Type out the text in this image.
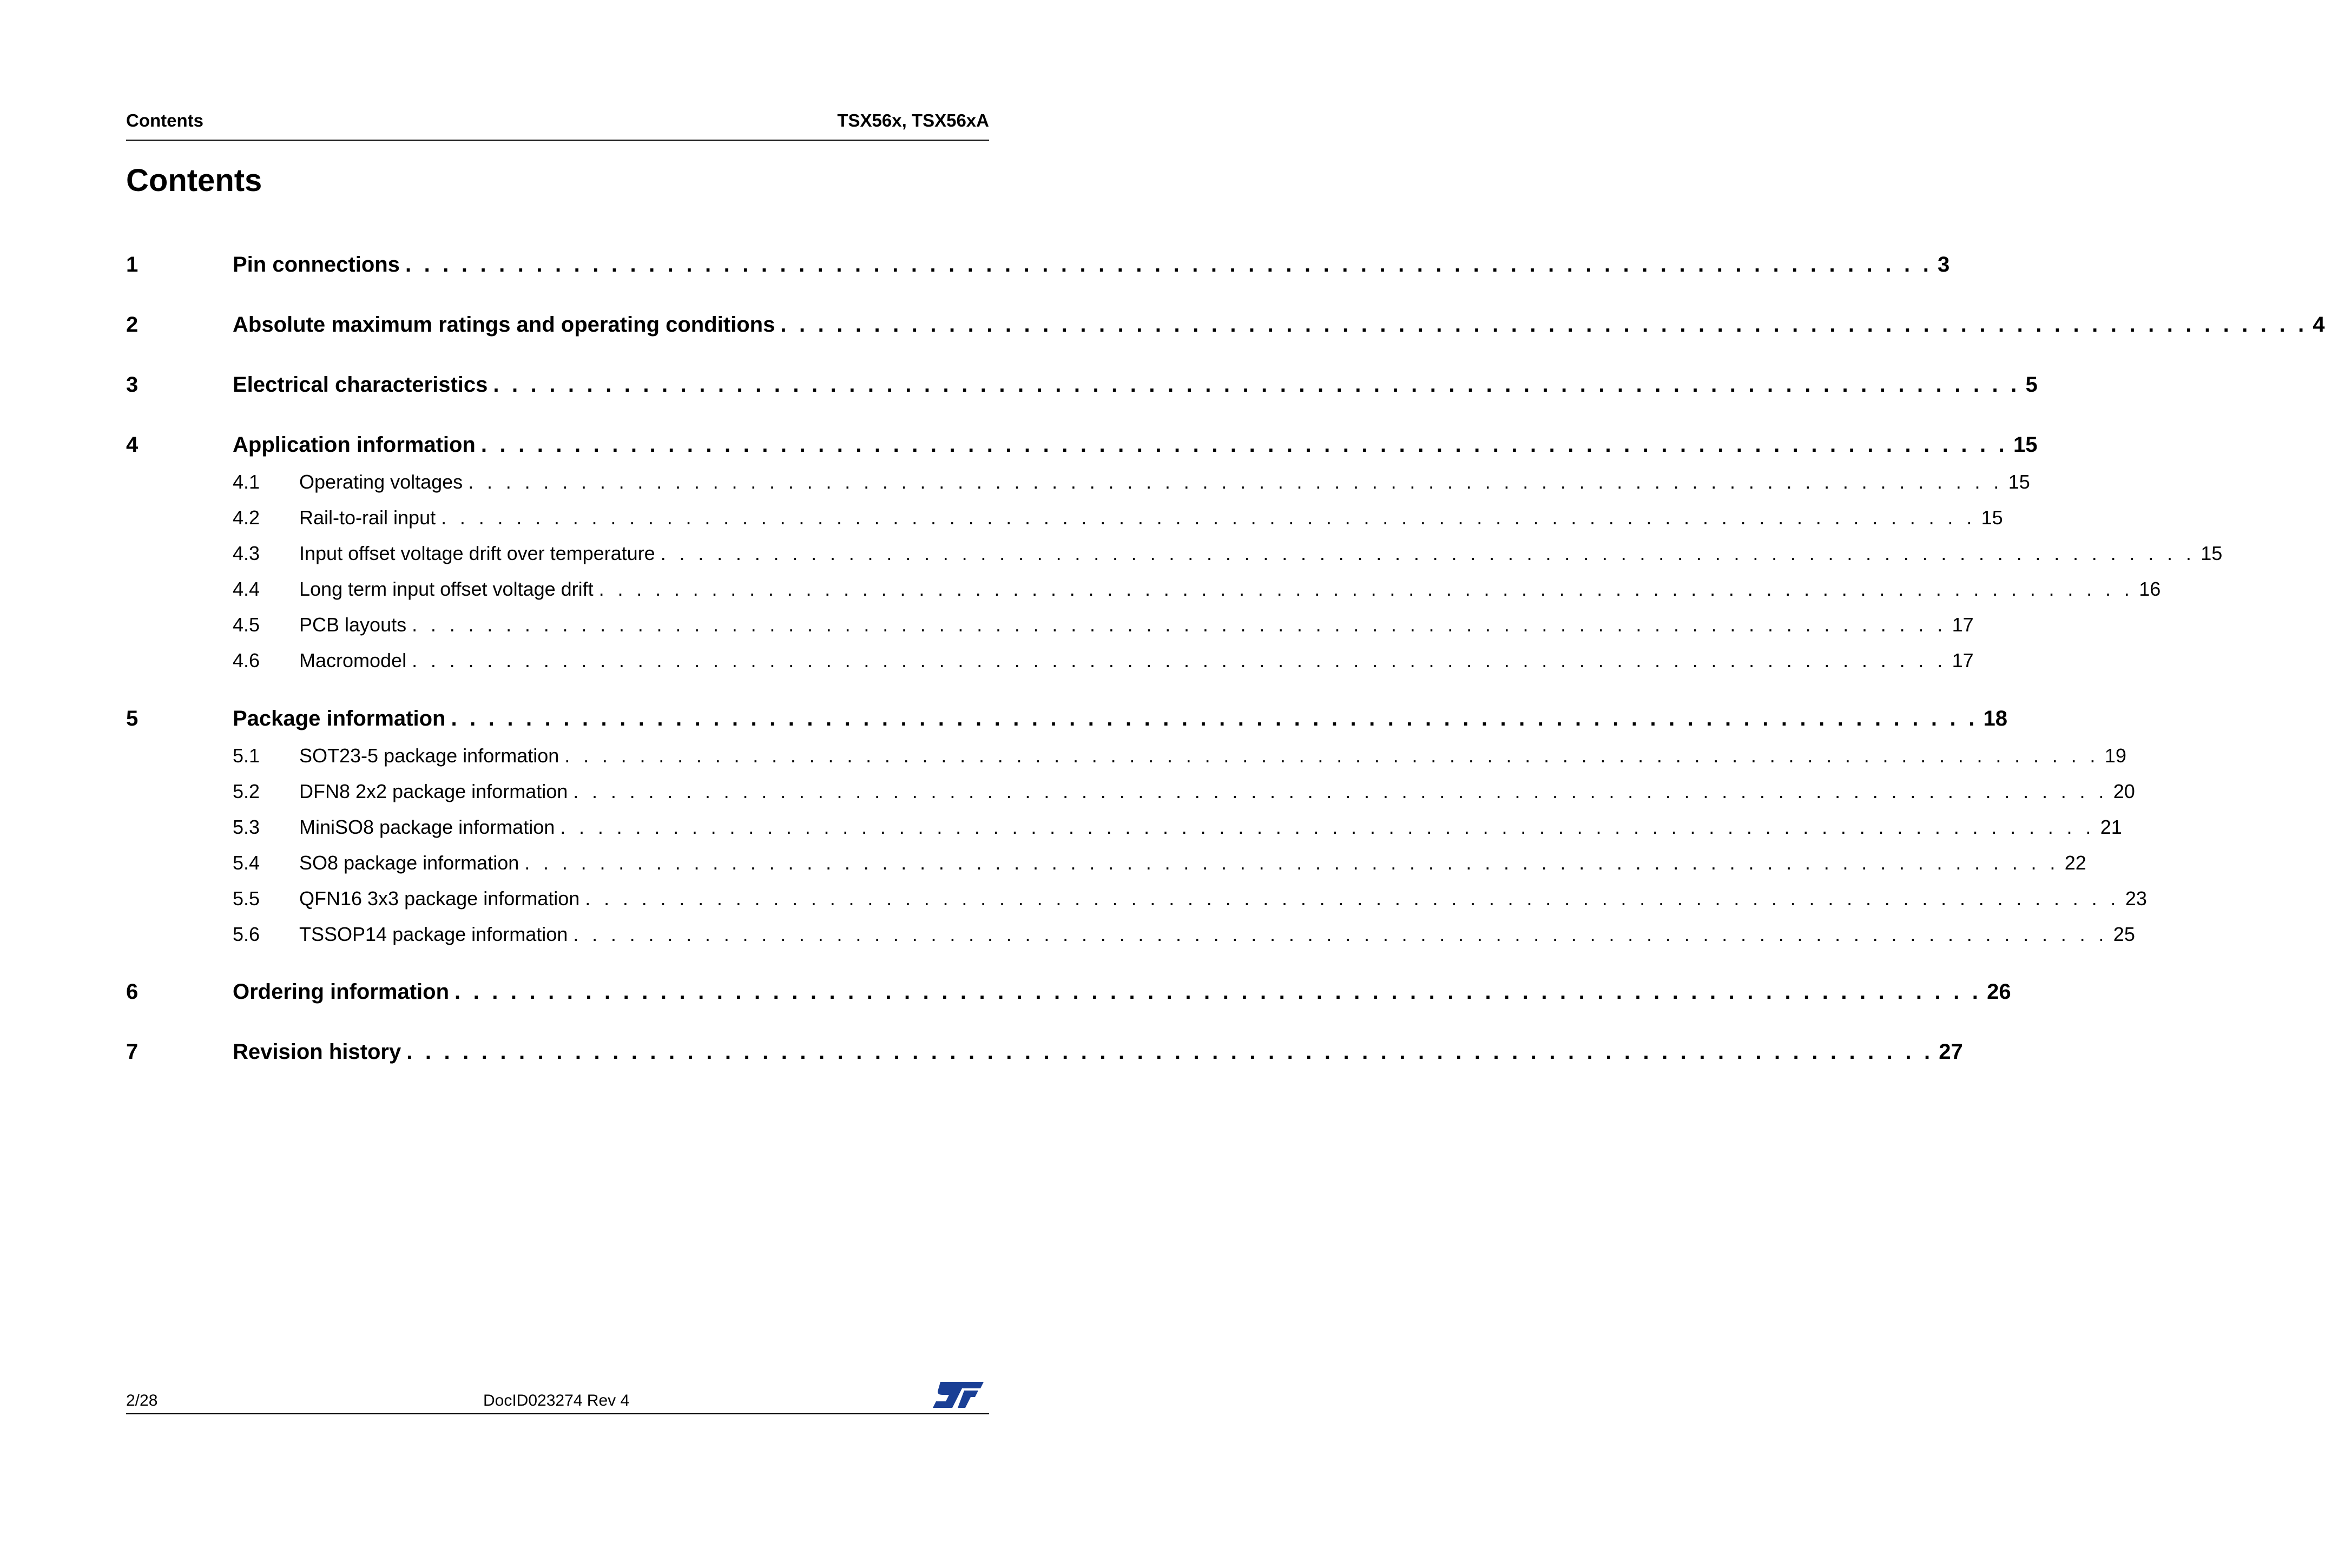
Contents	TSX56x, TSX56xA
Contents
1	Pin connections . . . . . . . . . . . . . . . . . . . . . . . . . . . . . . . . . . . . . . . . . . . . . . . . . . . . . . . . . . . . . . . . . . . . . . . . . . . . . . . . . . 3
2	Absolute maximum ratings and operating conditions . . . . . . . . . . . . . . . . . . . . . . . . . . . . . . . . . . . . . . . . . . . . . . . . . . . . . . . . . . . . . . . . . . . . . . . . . . . . . . . . . . 4
3	Electrical characteristics . . . . . . . . . . . . . . . . . . . . . . . . . . . . . . . . . . . . . . . . . . . . . . . . . . . . . . . . . . . . . . . . . . . . . . . . . . . . . . . . . . 5
4	Application information . . . . . . . . . . . . . . . . . . . . . . . . . . . . . . . . . . . . . . . . . . . . . . . . . . . . . . . . . . . . . . . . . . . . . . . . . . . . . . . . . . 15
4.1	Operating voltages . . . . . . . . . . . . . . . . . . . . . . . . . . . . . . . . . . . . . . . . . . . . . . . . . . . . . . . . . . . . . . . . . . . . . . . . . . . . . . . . . . 15
4.2	Rail-to-rail input . . . . . . . . . . . . . . . . . . . . . . . . . . . . . . . . . . . . . . . . . . . . . . . . . . . . . . . . . . . . . . . . . . . . . . . . . . . . . . . . . . 15
4.3	Input offset voltage drift over temperature . . . . . . . . . . . . . . . . . . . . . . . . . . . . . . . . . . . . . . . . . . . . . . . . . . . . . . . . . . . . . . . . . . . . . . . . . . . . . . . . . . 15
4.4	Long term input offset voltage drift . . . . . . . . . . . . . . . . . . . . . . . . . . . . . . . . . . . . . . . . . . . . . . . . . . . . . . . . . . . . . . . . . . . . . . . . . . . . . . . . . . 16
4.5	PCB layouts . . . . . . . . . . . . . . . . . . . . . . . . . . . . . . . . . . . . . . . . . . . . . . . . . . . . . . . . . . . . . . . . . . . . . . . . . . . . . . . . . . 17
4.6	Macromodel . . . . . . . . . . . . . . . . . . . . . . . . . . . . . . . . . . . . . . . . . . . . . . . . . . . . . . . . . . . . . . . . . . . . . . . . . . . . . . . . . . 17
5	Package information . . . . . . . . . . . . . . . . . . . . . . . . . . . . . . . . . . . . . . . . . . . . . . . . . . . . . . . . . . . . . . . . . . . . . . . . . . . . . . . . . . 18
5.1	SOT23-5 package information . . . . . . . . . . . . . . . . . . . . . . . . . . . . . . . . . . . . . . . . . . . . . . . . . . . . . . . . . . . . . . . . . . . . . . . . . . . . . . . . . . 19
5.2	DFN8 2x2 package information . . . . . . . . . . . . . . . . . . . . . . . . . . . . . . . . . . . . . . . . . . . . . . . . . . . . . . . . . . . . . . . . . . . . . . . . . . . . . . . . . . 20
5.3	MiniSO8 package information . . . . . . . . . . . . . . . . . . . . . . . . . . . . . . . . . . . . . . . . . . . . . . . . . . . . . . . . . . . . . . . . . . . . . . . . . . . . . . . . . . 21
5.4	SO8 package information . . . . . . . . . . . . . . . . . . . . . . . . . . . . . . . . . . . . . . . . . . . . . . . . . . . . . . . . . . . . . . . . . . . . . . . . . . . . . . . . . . 22
5.5	QFN16 3x3 package information . . . . . . . . . . . . . . . . . . . . . . . . . . . . . . . . . . . . . . . . . . . . . . . . . . . . . . . . . . . . . . . . . . . . . . . . . . . . . . . . . . 23
5.6	TSSOP14 package information . . . . . . . . . . . . . . . . . . . . . . . . . . . . . . . . . . . . . . . . . . . . . . . . . . . . . . . . . . . . . . . . . . . . . . . . . . . . . . . . . . 25
6	Ordering information . . . . . . . . . . . . . . . . . . . . . . . . . . . . . . . . . . . . . . . . . . . . . . . . . . . . . . . . . . . . . . . . . . . . . . . . . . . . . . . . . . 26
7	Revision history . . . . . . . . . . . . . . . . . . . . . . . . . . . . . . . . . . . . . . . . . . . . . . . . . . . . . . . . . . . . . . . . . . . . . . . . . . . . . . . . . . 27
2/28	DocID023274 Rev 4
